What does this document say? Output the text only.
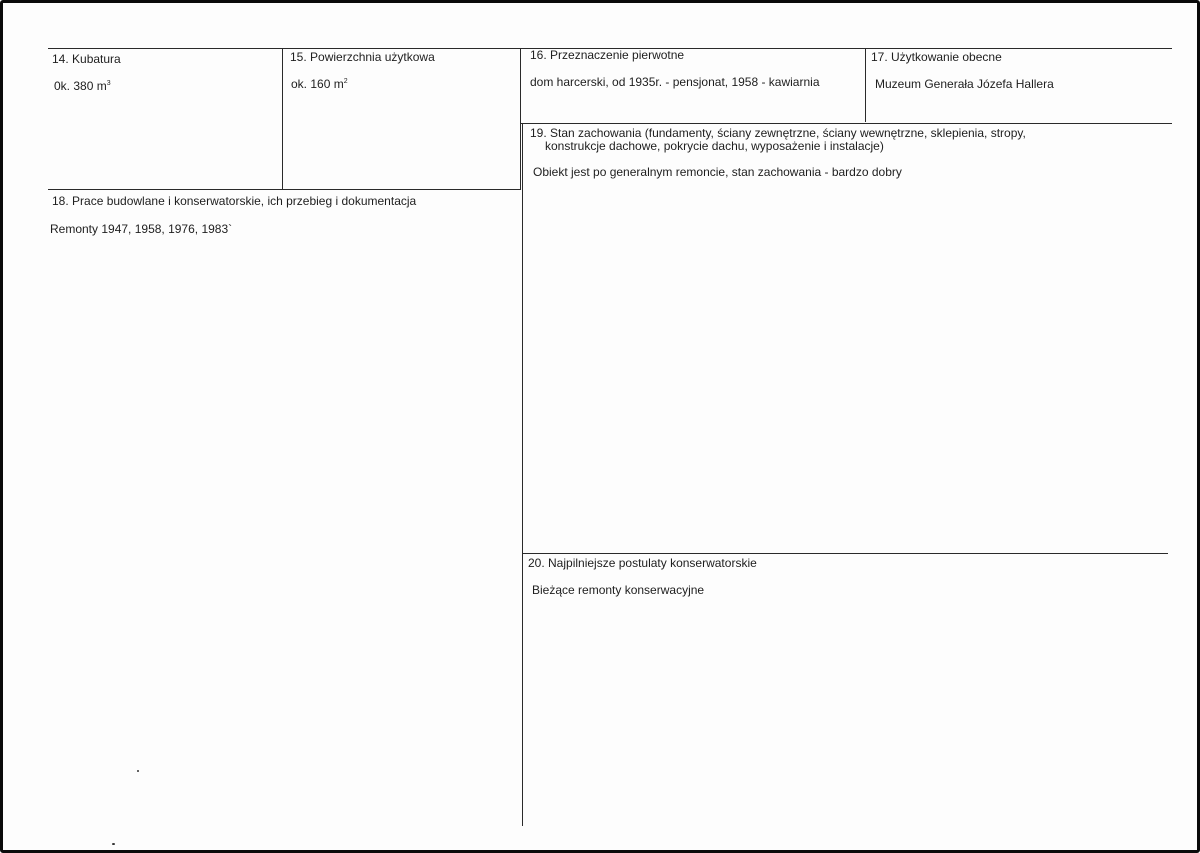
14. Kubatura
0k. 380 $m^3$
15. Powierzchnia użytkowa
ok. 160 $m^2$
16. Przeznaczenie pierwotne
dom harcerski, od 1935r. - pensjonat, 1958 - kawiarnia
17. Użytkowanie obecne
Muzeum Generała Józefa Hallera
19. Stan zachowania (fundamenty, ściany zewnętrzne, ściany wewnętrzne, sklepienia, stropy,
konstrukcje dachowe, pokrycie dachu, wyposażenie i instalacje)
Obiekt jest po generalnym remoncie, stan zachowania - bardzo dobry
18. Prace budowlane i konserwatorskie, ich przebieg i dokumentacja
Remonty 1947, 1958, 1976, 1983`
20. Najpilniejsze postulaty konserwatorskie
Bieżące remonty konserwacyjne
